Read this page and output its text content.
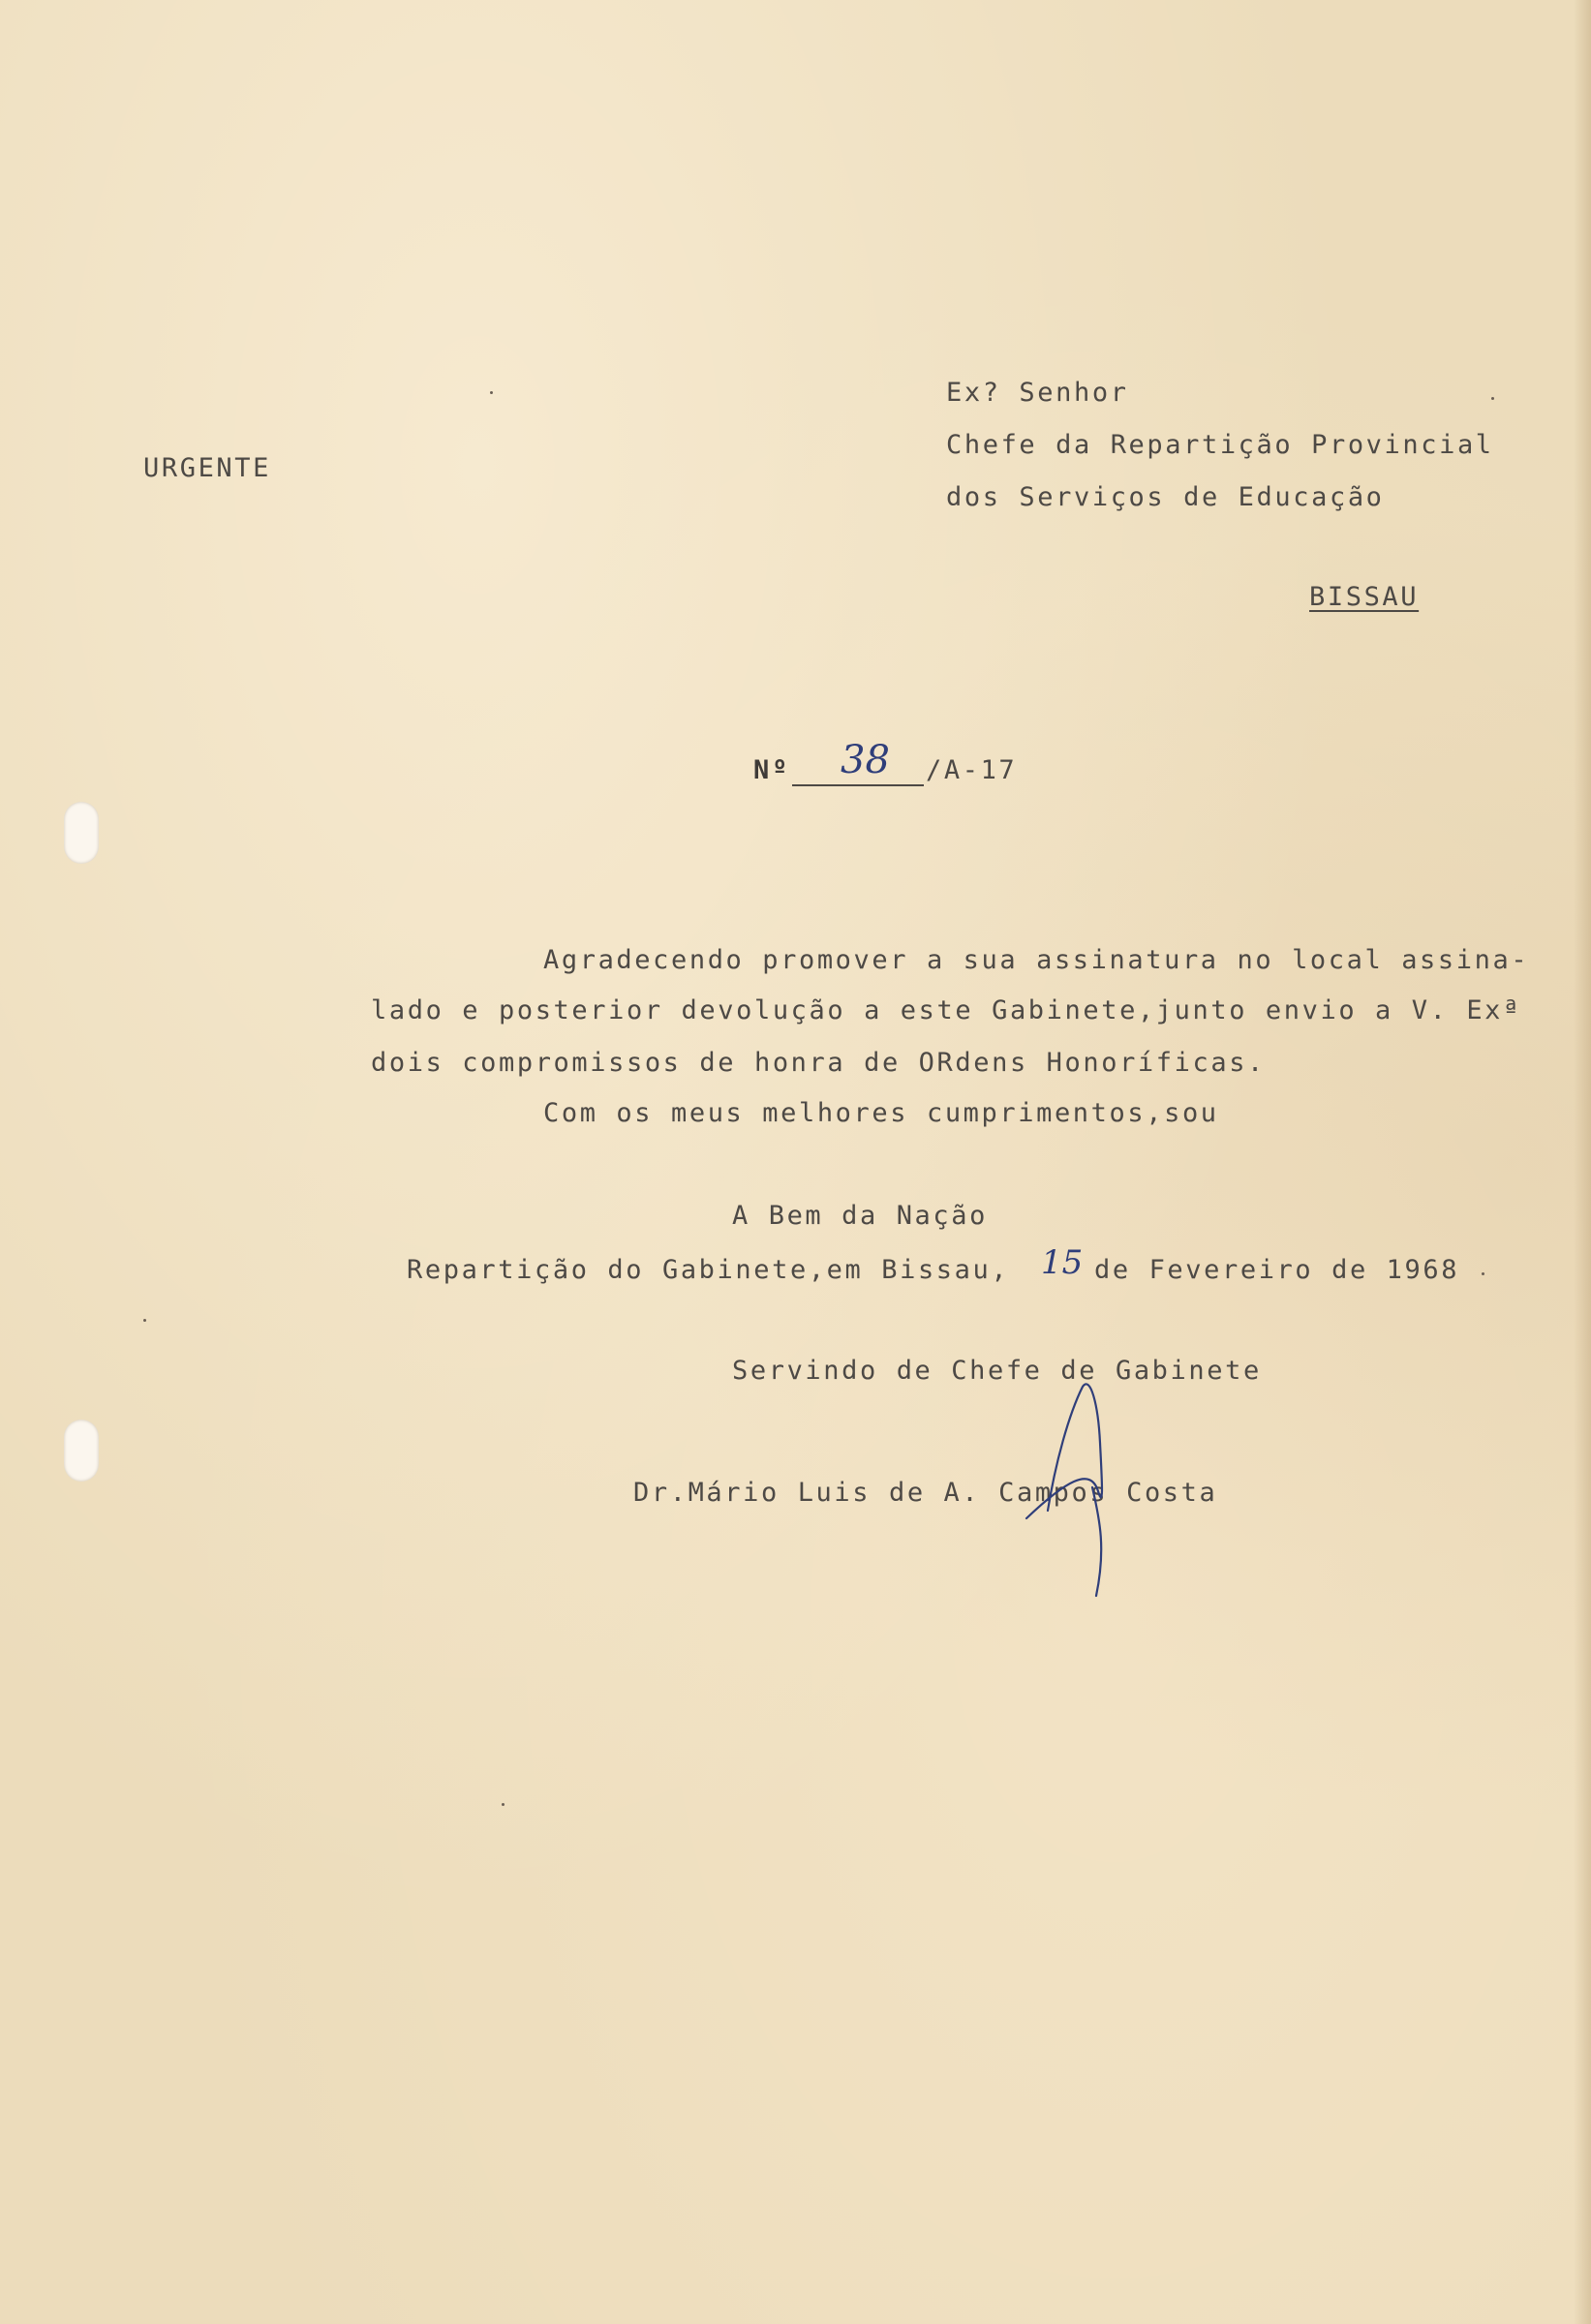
URGENTE
Ex? Senhor
Chefe da Repartição Provincial
dos Serviços de Educação
BISSAU
Nº 38 /A-17
Agradecendo promover a sua assinatura no local assina-
lado e posterior devolução a este Gabinete,junto envio a V. Exª
dois compromissos de honra de ORdens Honoríficas.
Com os meus melhores cumprimentos,sou
A Bem da Nação
Repartição do Gabinete,em Bissau, 15 de Fevereiro de 1968
Servindo de Chefe de Gabinete
Dr.Mário Luis de A. Campos Costa
